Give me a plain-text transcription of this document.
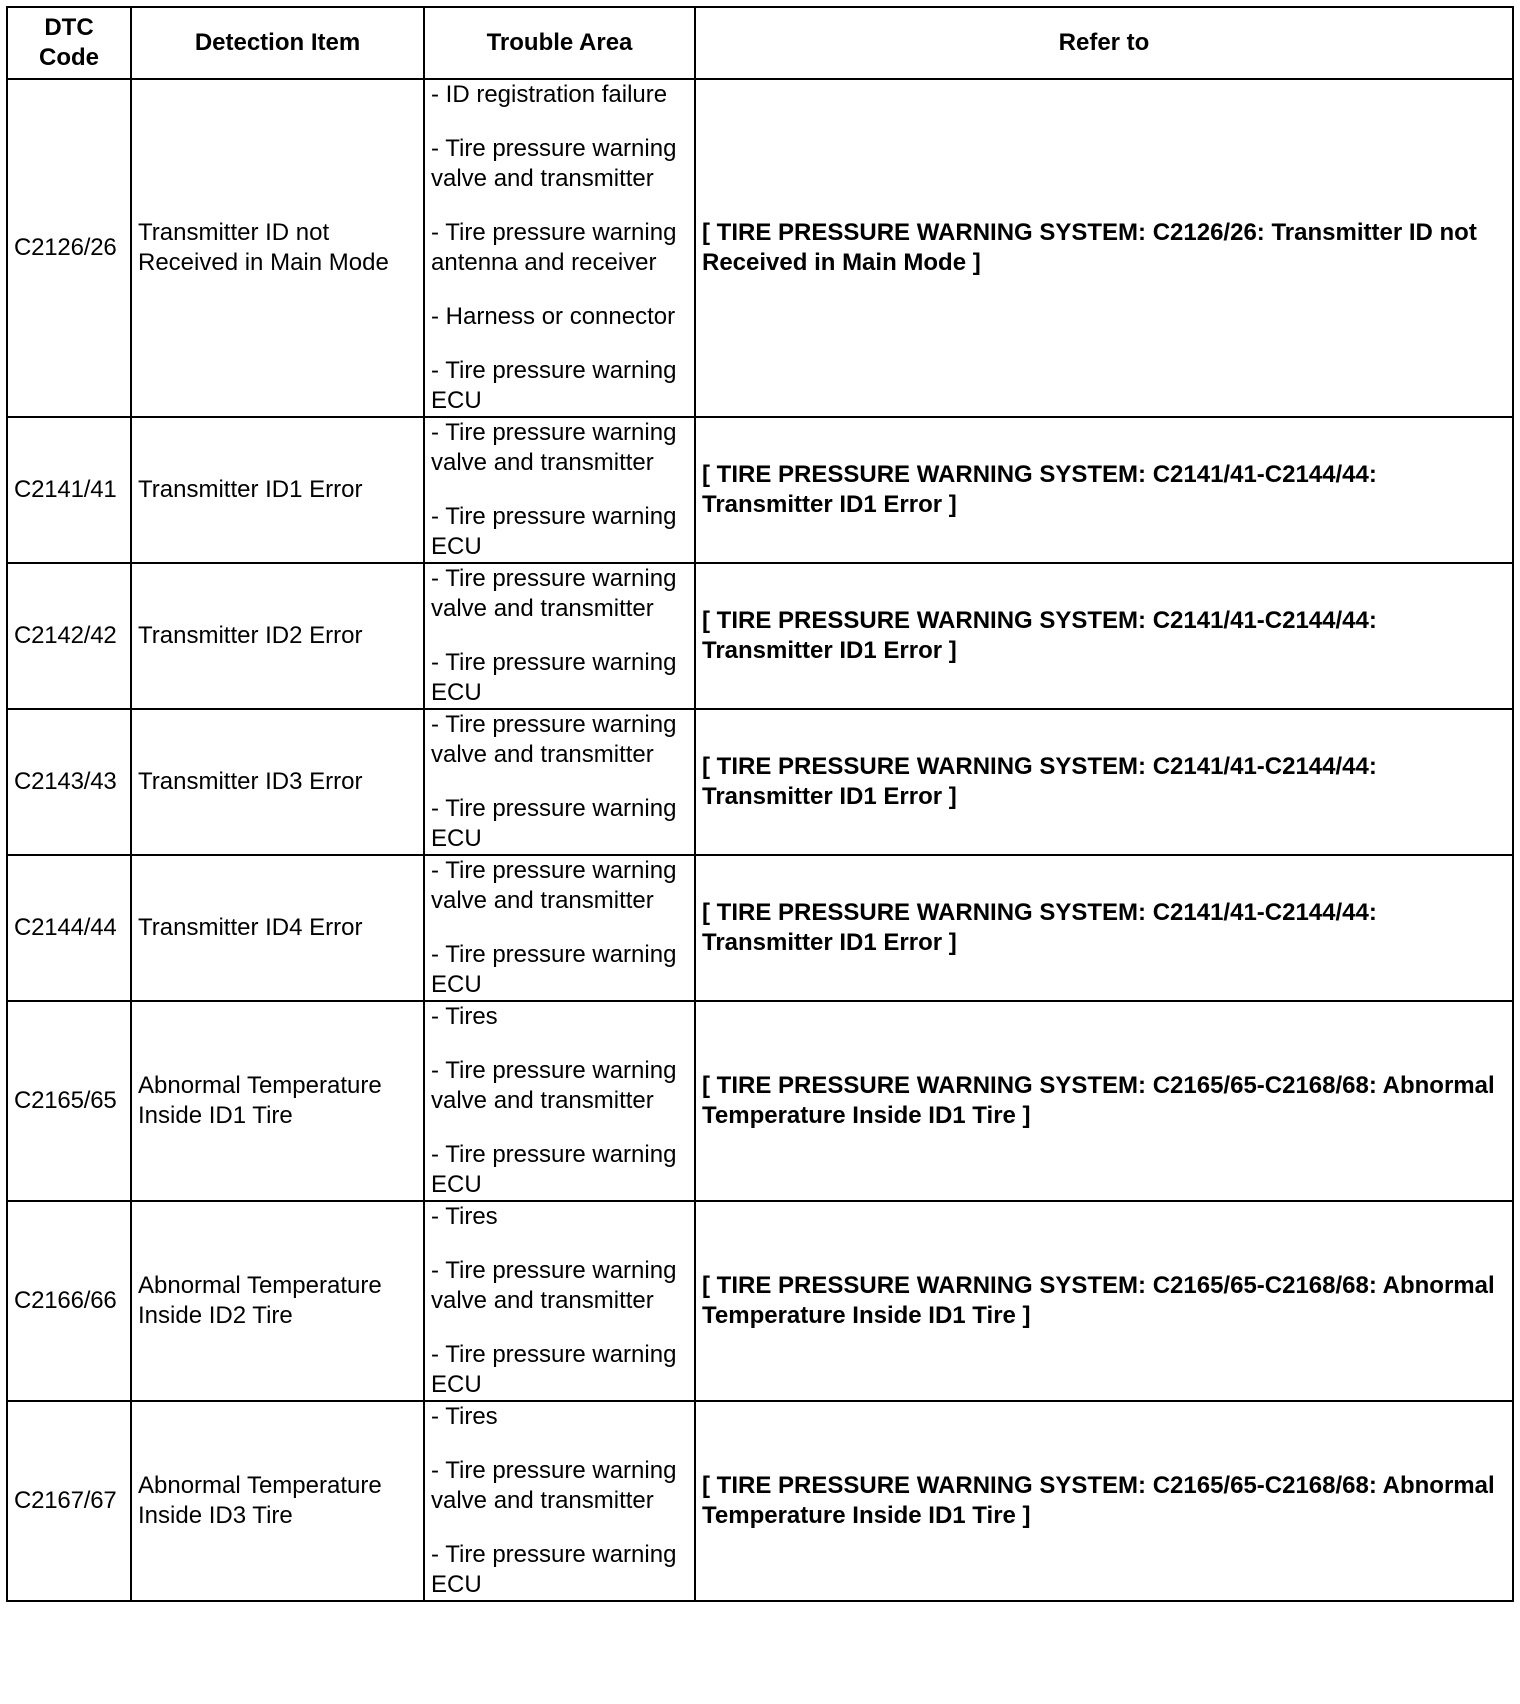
DTC
Code	Detection Item	Trouble Area	Refer to
C2126/26	Transmitter ID not Received in Main Mode	- ID registration failure
- Tire pressure warning valve and transmitter
- Tire pressure warning antenna and receiver
- Harness or connector
- Tire pressure warning ECU	[ TIRE PRESSURE WARNING SYSTEM: C2126/26: Transmitter ID not Received in Main Mode ]
C2141/41	Transmitter ID1 Error	- Tire pressure warning valve and transmitter
- Tire pressure warning ECU	[ TIRE PRESSURE WARNING SYSTEM: C2141/41-C2144/44: Transmitter ID1 Error ]
C2142/42	Transmitter ID2 Error	- Tire pressure warning valve and transmitter
- Tire pressure warning ECU	[ TIRE PRESSURE WARNING SYSTEM: C2141/41-C2144/44: Transmitter ID1 Error ]
C2143/43	Transmitter ID3 Error	- Tire pressure warning valve and transmitter
- Tire pressure warning ECU	[ TIRE PRESSURE WARNING SYSTEM: C2141/41-C2144/44: Transmitter ID1 Error ]
C2144/44	Transmitter ID4 Error	- Tire pressure warning valve and transmitter
- Tire pressure warning ECU	[ TIRE PRESSURE WARNING SYSTEM: C2141/41-C2144/44: Transmitter ID1 Error ]
C2165/65	Abnormal Temperature Inside ID1 Tire	- Tires
- Tire pressure warning valve and transmitter
- Tire pressure warning ECU	[ TIRE PRESSURE WARNING SYSTEM: C2165/65-C2168/68: Abnormal Temperature Inside ID1 Tire ]
C2166/66	Abnormal Temperature Inside ID2 Tire	- Tires
- Tire pressure warning valve and transmitter
- Tire pressure warning ECU	[ TIRE PRESSURE WARNING SYSTEM: C2165/65-C2168/68: Abnormal Temperature Inside ID1 Tire ]
C2167/67	Abnormal Temperature Inside ID3 Tire	- Tires
- Tire pressure warning valve and transmitter
- Tire pressure warning ECU	[ TIRE PRESSURE WARNING SYSTEM: C2165/65-C2168/68: Abnormal Temperature Inside ID1 Tire ]
